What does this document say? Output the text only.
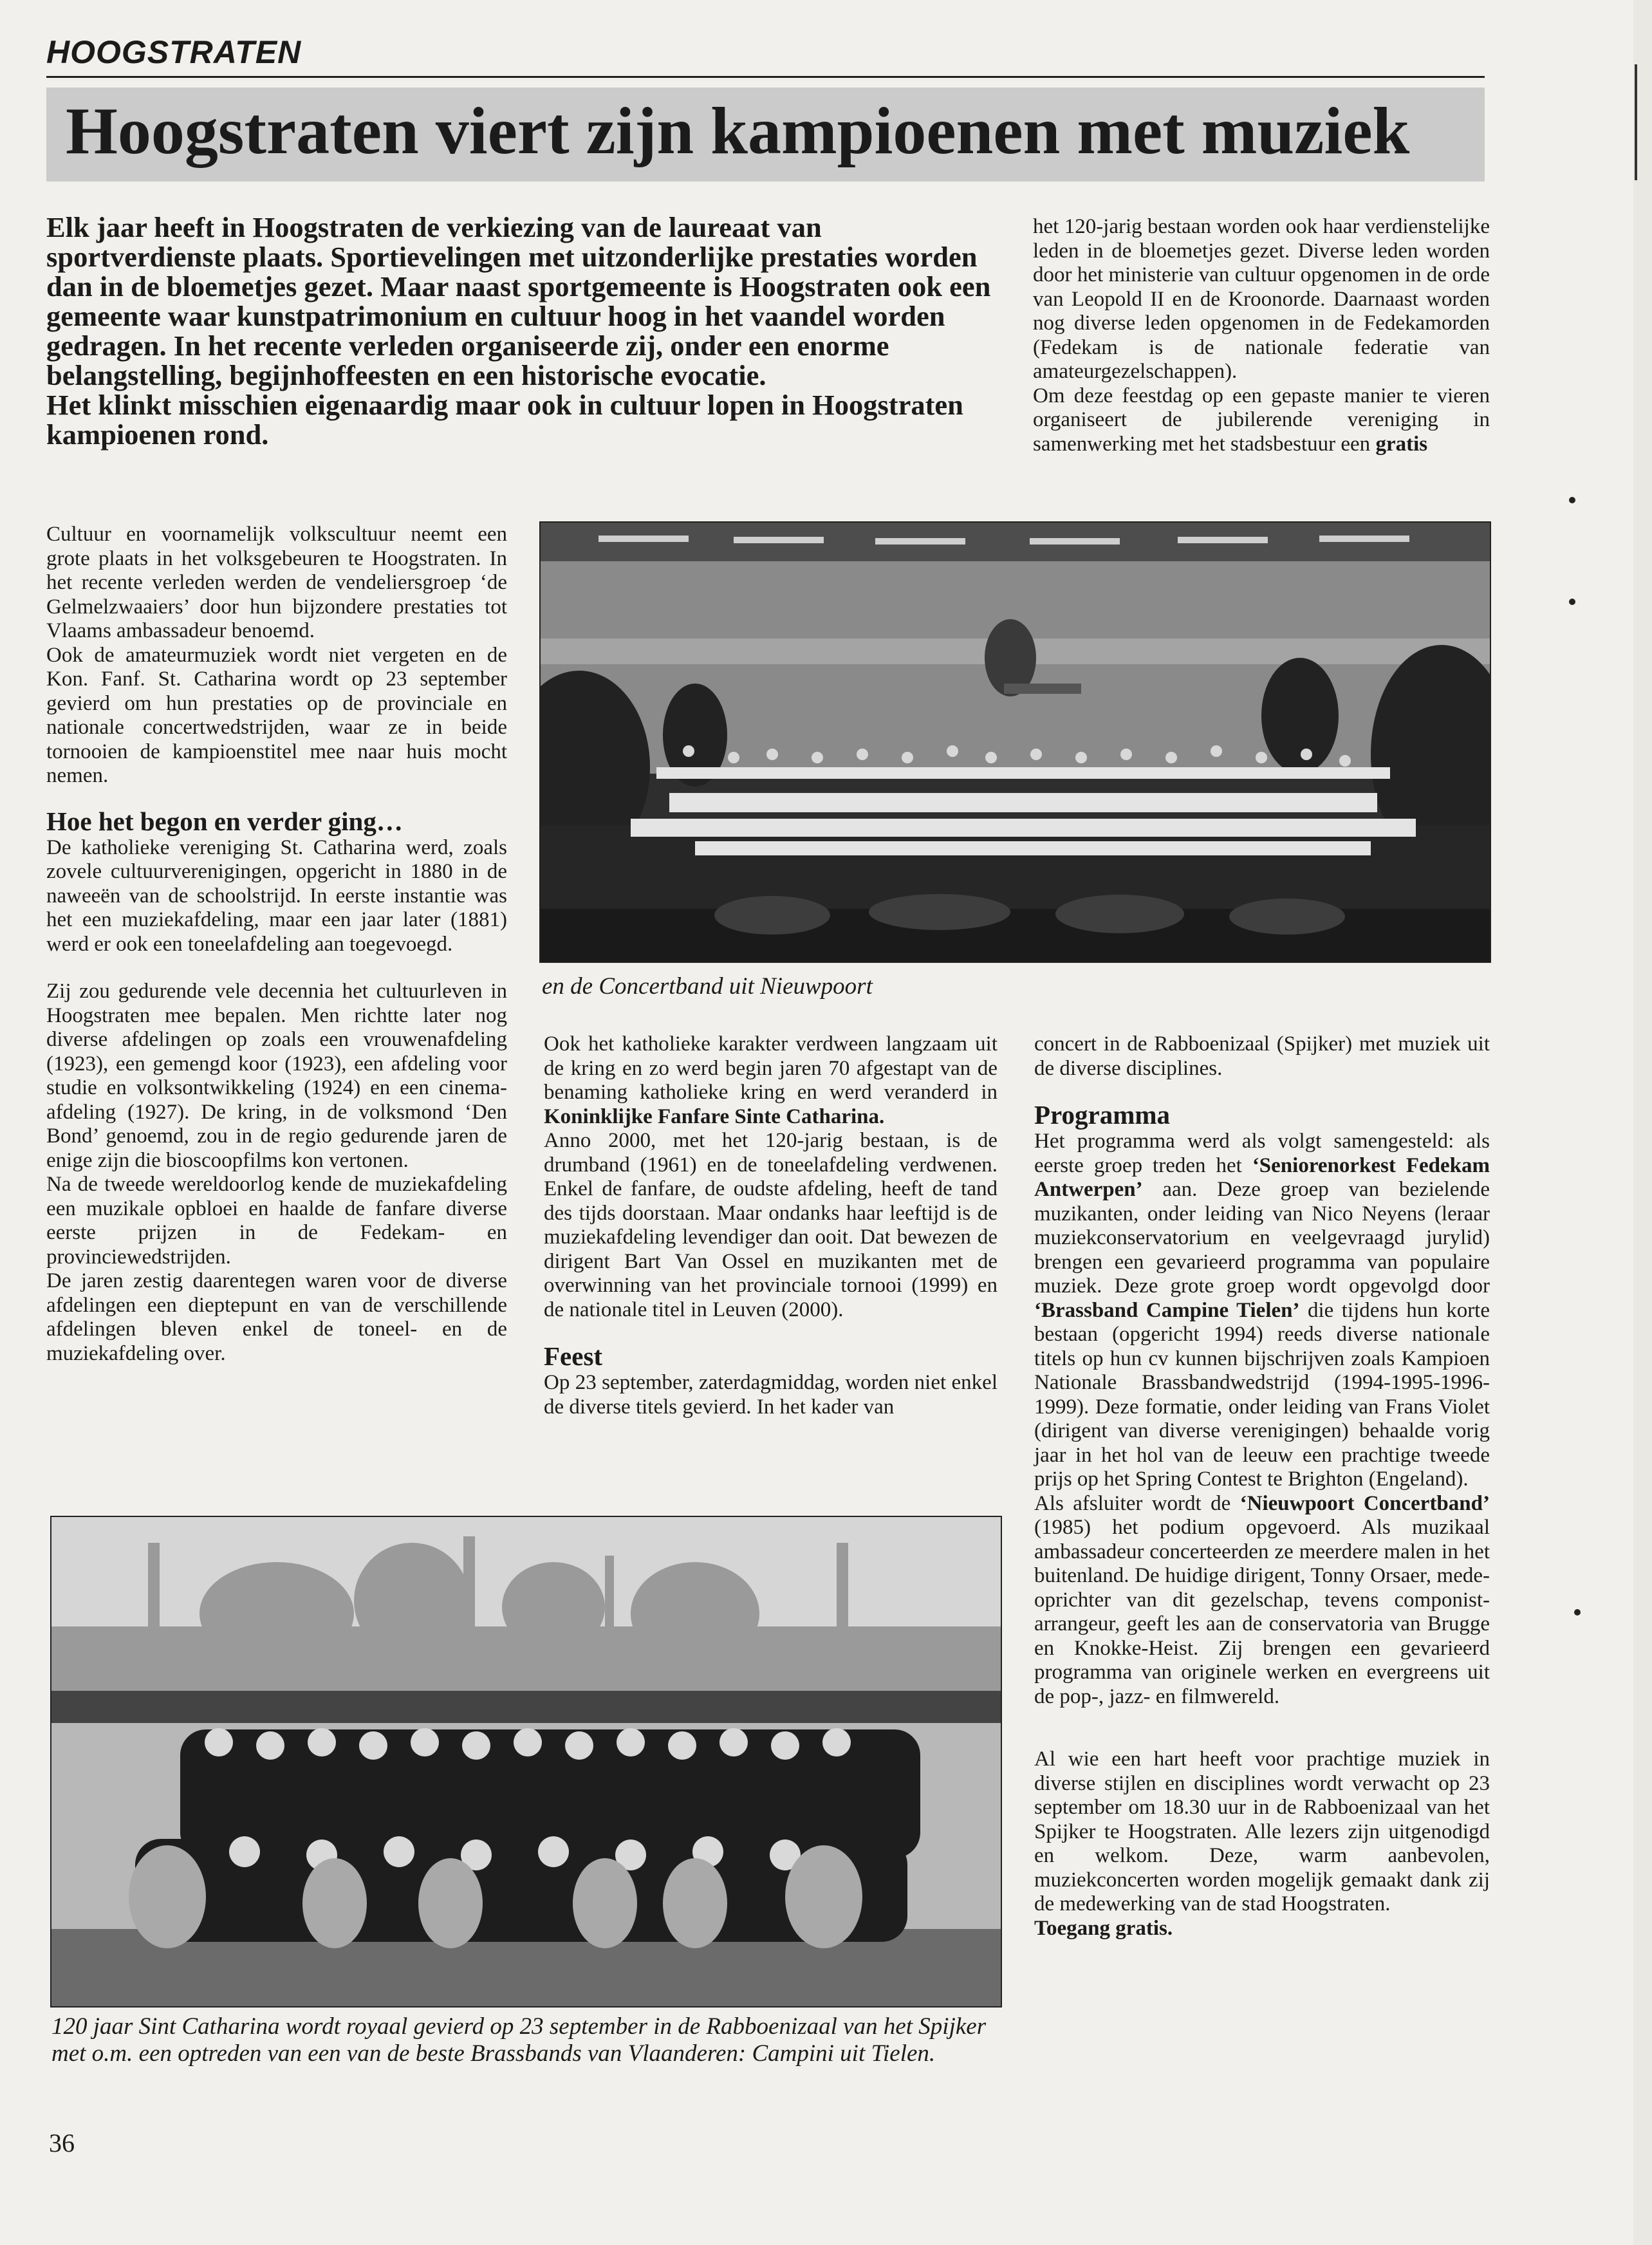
HOOGSTRATEN
Hoogstraten viert zijn kampioenen met muziek

Elk jaar heeft in Hoogstraten de verkiezing van de laureaat van sportverdienste plaats. Sportievelingen met uitzonderlijke prestaties worden dan in de bloemetjes gezet. Maar naast sportgemeente is Hoogstraten ook een gemeente waar kunstpatrimonium en cultuur hoog in het vaandel worden gedragen. In het recente verleden organiseerde zij, onder een enorme belangstelling, begijnhoffeesten en een historische evocatie.

Het klinkt misschien eigenaardig maar ook in cultuur lopen in Hoogstraten kampioenen rond.

het 120-jarig bestaan worden ook haar verdienstelijke leden in de bloemetjes gezet. Diverse leden worden door het ministerie van cultuur opgenomen in de orde van Leopold II en de Kroonorde. Daarnaast worden nog diverse leden opgenomen in de Fedekamorden (Fedekam is de nationale federatie van amateurgezelschappen).

Om deze feestdag op een gepaste manier te vieren organiseert de jubilerende vereniging in samenwerking met het stadsbestuur een gratis

Cultuur en voornamelijk volkscultuur neemt een grote plaats in het volksgebeuren te Hoogstraten. In het recente verleden werden de vendeliersgroep ‘de Gelmelzwaaiers’ door hun bijzondere prestaties tot Vlaams ambassadeur benoemd.

Ook de amateurmuziek wordt niet vergeten en de Kon. Fanf. St. Catharina wordt op 23 september gevierd om hun prestaties op de provinciale en nationale concertwedstrijden, waar ze in beide tornooien de kampioenstitel mee naar huis mocht nemen.

Hoe het begon en verder ging…

De katholieke vereniging St. Catharina werd, zoals zovele cultuurverenigingen, opgericht in 1880 in de naweeën van de schoolstrijd. In eerste instantie was het een muziekafdeling, maar een jaar later (1881) werd er ook een toneelafdeling aan toegevoegd.

Zij zou gedurende vele decennia het cultuurleven in Hoogstraten mee bepalen. Men richtte later nog diverse afdelingen op zoals een vrouwenafdeling (1923), een gemengd koor (1923), een afdeling voor studie en volksontwikkeling (1924) en een cinema-afdeling (1927). De kring, in de volksmond ‘Den Bond’ genoemd, zou in de regio gedurende jaren de enige zijn die bioscoopfilms kon vertonen.

Na de tweede wereldoorlog kende de muziekafdeling een muzikale opbloei en haalde de fanfare diverse eerste prijzen in de Fedekam- en provinciewedstrijden.

De jaren zestig daarentegen waren voor de diverse afdelingen een dieptepunt en van de verschillende afdelingen bleven enkel de toneel- en de muziekafdeling over.

en de Concertband uit Nieuwpoort

Ook het katholieke karakter verdween langzaam uit de kring en zo werd begin jaren 70 afgestapt van de benaming katholieke kring en werd veranderd in Koninklijke Fanfare Sinte Catharina.

Anno 2000, met het 120-jarig bestaan, is de drumband (1961) en de toneelafdeling verdwenen. Enkel de fanfare, de oudste afdeling, heeft de tand des tijds doorstaan. Maar ondanks haar leeftijd is de muziekafdeling levendiger dan ooit. Dat bewezen de dirigent Bart Van Ossel en muzikanten met de overwinning van het provinciale tornooi (1999) en de nationale titel in Leuven (2000).

Feest

Op 23 september, zaterdagmiddag, worden niet enkel de diverse titels gevierd. In het kader van

concert in de Rabboenizaal (Spijker) met muziek uit de diverse disciplines.

Programma

Het programma werd als volgt samengesteld: als eerste groep treden het ‘Seniorenorkest Fedekam Antwerpen’ aan. Deze groep van bezielende muzikanten, onder leiding van Nico Neyens (leraar muziekconservatorium en veelgevraagd jurylid) brengen een gevarieerd programma van populaire muziek. Deze grote groep wordt opgevolgd door ‘Brassband Campine Tielen’ die tijdens hun korte bestaan (opgericht 1994) reeds diverse nationale titels op hun cv kunnen bijschrijven zoals Kampioen Nationale Brassbandwedstrijd (1994-1995-1996-1999). Deze formatie, onder leiding van Frans Violet (dirigent van diverse verenigingen) behaalde vorig jaar in het hol van de leeuw een prachtige tweede prijs op het Spring Contest te Brighton (Engeland).

Als afsluiter wordt de ‘Nieuwpoort Concertband’ (1985) het podium opgevoerd. Als muzikaal ambassadeur concerteerden ze meerdere malen in het buitenland. De huidige dirigent, Tonny Orsaer, mede-oprichter van dit gezelschap, tevens componist-arrangeur, geeft les aan de conservatoria van Brugge en Knokke-Heist. Zij brengen een gevarieerd programma van originele werken en evergreens uit de pop-, jazz- en filmwereld.

Al wie een hart heeft voor prachtige muziek in diverse stijlen en disciplines wordt verwacht op 23 september om 18.30 uur in de Rabboenizaal van het Spijker te Hoogstraten. Alle lezers zijn uitgenodigd en welkom. Deze, warm aanbevolen, muziekconcerten worden mogelijk gemaakt dank zij de medewerking van de stad Hoogstraten.

Toegang gratis.

120 jaar Sint Catharina wordt royaal gevierd op 23 september in de Rabboenizaal van het Spijker met o.m. een optreden van een van de beste Brassbands van Vlaanderen: Campini uit Tielen.
36
